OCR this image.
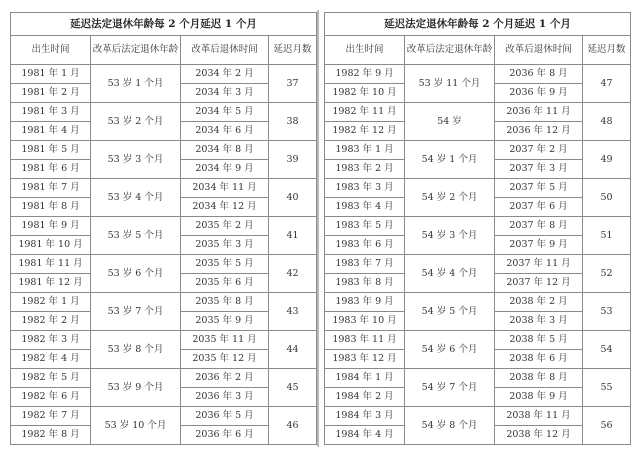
延迟法定退休年龄每 2 个月延迟 1 个月
出生时间	改革后法定退休年龄	改革后退休时间	延迟月数
1981 年 1 月	53 岁 1 个月	2034 年 2 月	37
1981 年 2 月		2034 年 3 月	
1981 年 3 月	53 岁 2 个月	2034 年 5 月	38
1981 年 4 月		2034 年 6 月	
1981 年 5 月	53 岁 3 个月	2034 年 8 月	39
1981 年 6 月		2034 年 9 月	
1981 年 7 月	53 岁 4 个月	2034 年 11 月	40
1981 年 8 月		2034 年 12 月	
1981 年 9 月	53 岁 5 个月	2035 年 2 月	41
1981 年 10 月		2035 年 3 月	
1981 年 11 月	53 岁 6 个月	2035 年 5 月	42
1981 年 12 月		2035 年 6 月	
1982 年 1 月	53 岁 7 个月	2035 年 8 月	43
1982 年 2 月		2035 年 9 月	
1982 年 3 月	53 岁 8 个月	2035 年 11 月	44
1982 年 4 月		2035 年 12 月	
1982 年 5 月	53 岁 9 个月	2036 年 2 月	45
1982 年 6 月		2036 年 3 月	
1982 年 7 月	53 岁 10 个月	2036 年 5 月	46
1982 年 8 月		2036 年 6 月	
延迟法定退休年龄每 2 个月延迟 1 个月
出生时间	改革后法定退休年龄	改革后退休时间	延迟月数
1982 年 9 月	53 岁 11 个月	2036 年 8 月	47
1982 年 10 月		2036 年 9 月	
1982 年 11 月	54 岁	2036 年 11 月	48
1982 年 12 月		2036 年 12 月	
1983 年 1 月	54 岁 1 个月	2037 年 2 月	49
1983 年 2 月		2037 年 3 月	
1983 年 3 月	54 岁 2 个月	2037 年 5 月	50
1983 年 4 月		2037 年 6 月	
1983 年 5 月	54 岁 3 个月	2037 年 8 月	51
1983 年 6 月		2037 年 9 月	
1983 年 7 月	54 岁 4 个月	2037 年 11 月	52
1983 年 8 月		2037 年 12 月	
1983 年 9 月	54 岁 5 个月	2038 年 2 月	53
1983 年 10 月		2038 年 3 月	
1983 年 11 月	54 岁 6 个月	2038 年 5 月	54
1983 年 12 月		2038 年 6 月	
1984 年 1 月	54 岁 7 个月	2038 年 8 月	55
1984 年 2 月		2038 年 9 月	
1984 年 3 月	54 岁 8 个月	2038 年 11 月	56
1984 年 4 月		2038 年 12 月	
